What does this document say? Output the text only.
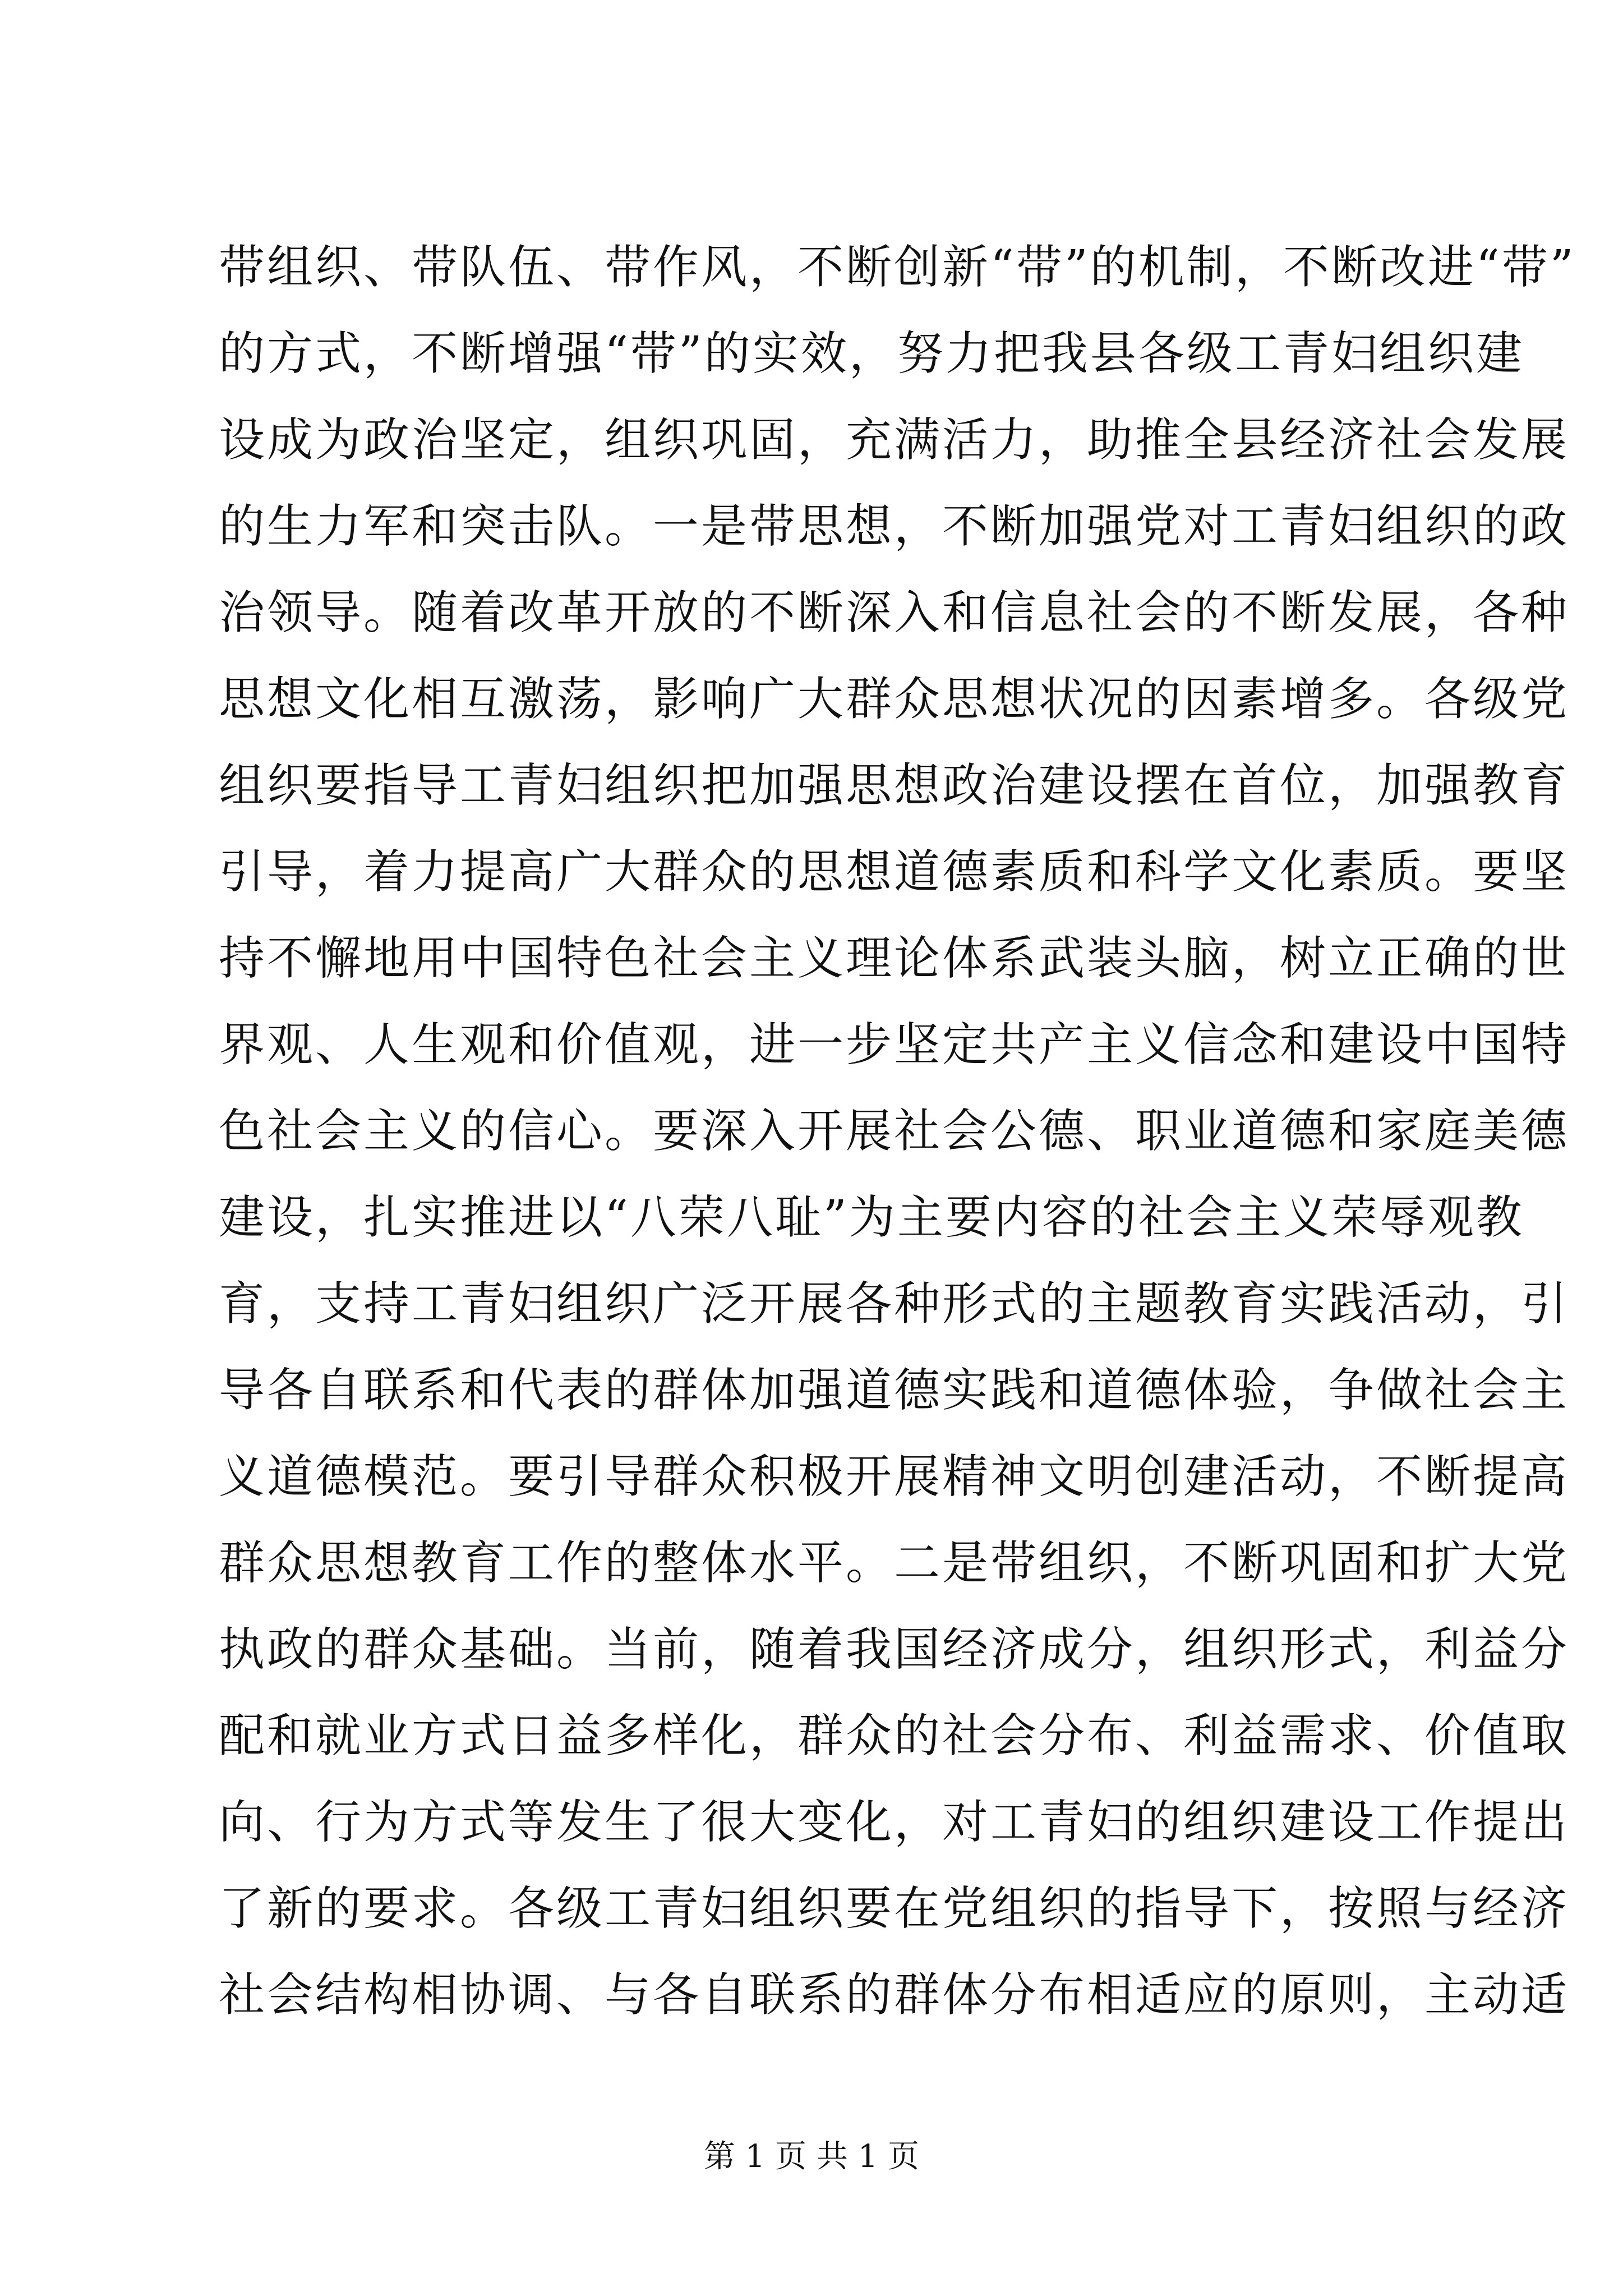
带组织、带队伍、带作风，不断创新“带”的机制，不断改进“带”
的方式，不断增强“带”的实效，努力把我县各级工青妇组织建
设成为政治坚定，组织巩固，充满活力，助推全县经济社会发展
的生力军和突击队。一是带思想，不断加强党对工青妇组织的政
治领导。随着改革开放的不断深入和信息社会的不断发展，各种
思想文化相互激荡，影响广大群众思想状况的因素增多。各级党
组织要指导工青妇组织把加强思想政治建设摆在首位，加强教育
引导，着力提高广大群众的思想道德素质和科学文化素质。要坚
持不懈地用中国特色社会主义理论体系武装头脑，树立正确的世
界观、人生观和价值观，进一步坚定共产主义信念和建设中国特
色社会主义的信心。要深入开展社会公德、职业道德和家庭美德
建设，扎实推进以“八荣八耻”为主要内容的社会主义荣辱观教
育，支持工青妇组织广泛开展各种形式的主题教育实践活动，引
导各自联系和代表的群体加强道德实践和道德体验，争做社会主
义道德模范。要引导群众积极开展精神文明创建活动，不断提高
群众思想教育工作的整体水平。二是带组织，不断巩固和扩大党
执政的群众基础。当前，随着我国经济成分，组织形式，利益分
配和就业方式日益多样化，群众的社会分布、利益需求、价值取
向、行为方式等发生了很大变化，对工青妇的组织建设工作提出
了新的要求。各级工青妇组织要在党组织的指导下，按照与经济
社会结构相协调、与各自联系的群体分布相适应的原则，主动适
第 1 页 共 1 页
